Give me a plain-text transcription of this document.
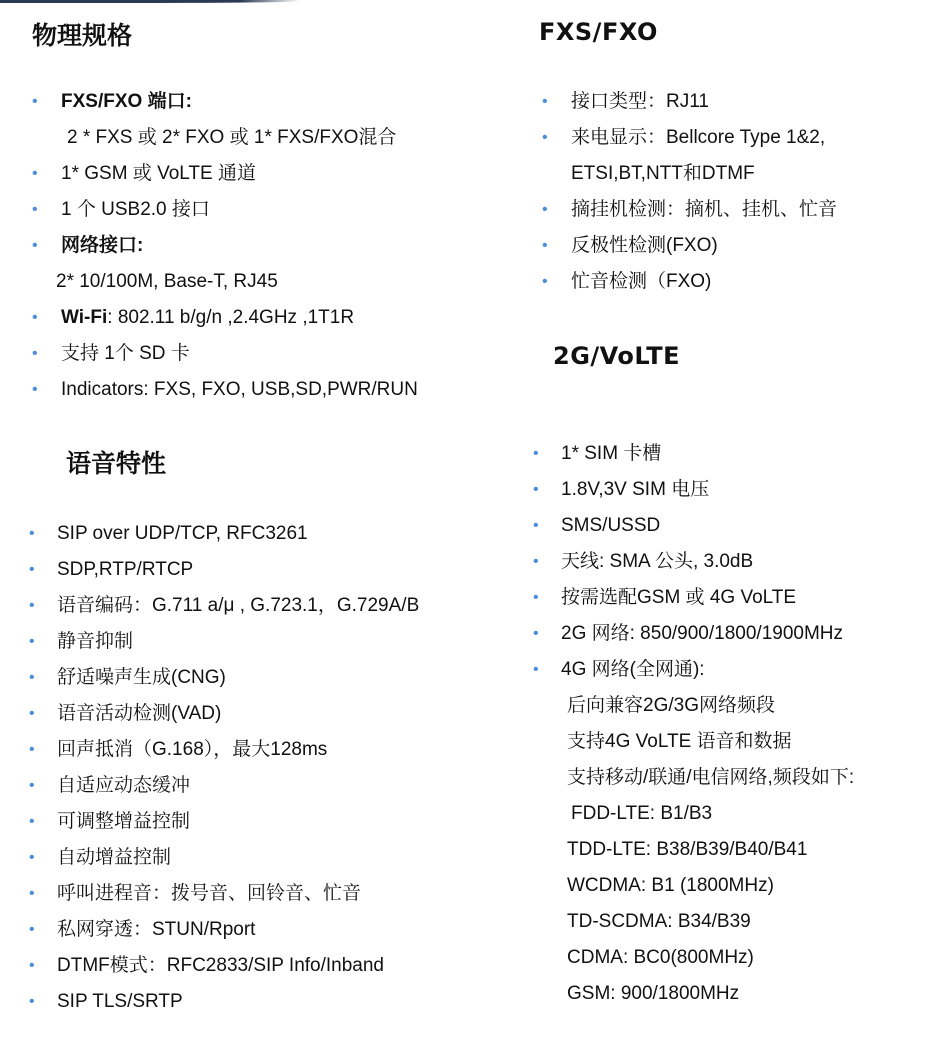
物理规格
• FXS/FXO 端口:
2 * FXS 或 2* FXO 或 1* FXS/FXO混合
• 1* GSM 或 VoLTE 通道
• 1 个 USB2.0 接口
• 网络接口:
2* 10/100M, Base-T, RJ45
• Wi-Fi: 802.11 b/g/n ,2.4GHz ,1T1R
• 支持 1个 SD 卡
• Indicators: FXS, FXO, USB,SD,PWR/RUN
语音特性
• SIP over UDP/TCP, RFC3261
• SDP,RTP/RTCP
• 语音编码：G.711 a/μ , G.723.1，G.729A/B
• 静音抑制
• 舒适噪声生成(CNG)
• 语音活动检测(VAD)
• 回声抵消（G.168），最大128ms
• 自适应动态缓冲
• 可调整增益控制
• 自动增益控制
• 呼叫进程音：拨号音、回铃音、忙音
• 私网穿透：STUN/Rport
• DTMF模式：RFC2833/SIP Info/Inband
• SIP TLS/SRTP
FXS/FXO
• 接口类型：RJ11
• 来电显示：Bellcore Type 1&2,
ETSI,BT,NTT和DTMF
• 摘挂机检测：摘机、挂机、忙音
• 反极性检测(FXO)
• 忙音检测（FXO)
2G/VoLTE
• 1* SIM 卡槽
• 1.8V,3V SIM 电压
• SMS/USSD
• 天线: SMA 公头, 3.0dB
• 按需选配GSM 或 4G VoLTE
• 2G 网络: 850/900/1800/1900MHz
• 4G 网络(全网通):
后向兼容2G/3G网络频段
支持4G VoLTE 语音和数据
支持移动/联通/电信网络,频段如下:
FDD-LTE: B1/B3
TDD-LTE: B38/B39/B40/B41
WCDMA: B1 (1800MHz)
TD-SCDMA: B34/B39
CDMA: BC0(800MHz)
GSM: 900/1800MHz
